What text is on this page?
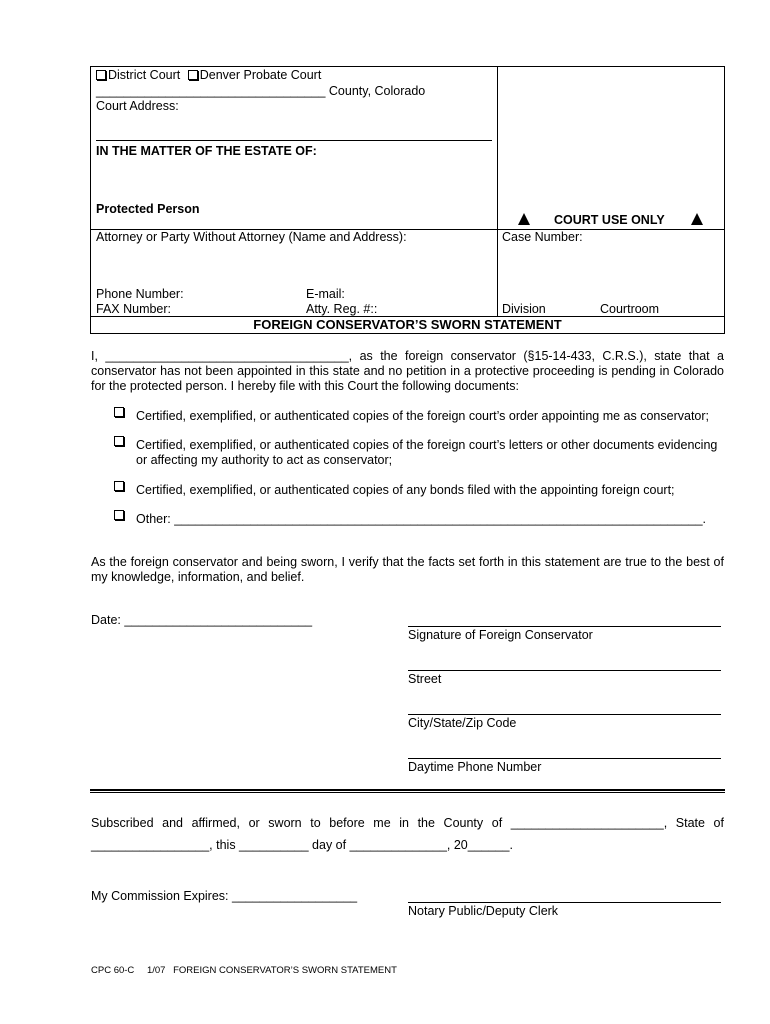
District Court Denver Probate Court
_________________________________ County, Colorado
Court Address:
IN THE MATTER OF THE ESTATE OF:
Protected Person
COURT USE ONLY
Attorney or Party Without Attorney (Name and Address):	Case Number:
Phone Number:	E-mail:
FAX Number:	Atty. Reg. #::	Division	Courtroom
FOREIGN CONSERVATOR’S SWORN STATEMENT
I, ___________________________________, as the foreign conservator (§15-14-433, C.R.S.), state that a conservator has not been appointed in this state and no petition in a protective proceeding is pending in Colorado for the protected person. I hereby file with this Court the following documents:
Certified, exemplified, or authenticated copies of the foreign court’s order appointing me as conservator;
Certified, exemplified, or authenticated copies of the foreign court’s letters or other documents evidencing or affecting my authority to act as conservator;
Certified, exemplified, or authenticated copies of any bonds filed with the appointing foreign court;
Other: ____________________________________________________________________________.
As the foreign conservator and being sworn, I verify that the facts set forth in this statement are true to the best of my knowledge, information, and belief.
Date: ___________________________
Signature of Foreign Conservator
Street
City/State/Zip Code
Daytime Phone Number
Subscribed and affirmed, or sworn to before me in the County of ______________________, State of
_________________, this __________ day of ______________, 20______.
My Commission Expires: __________________
Notary Public/Deputy Clerk
CPC 60-C 1/07 FOREIGN CONSERVATOR’S SWORN STATEMENT
